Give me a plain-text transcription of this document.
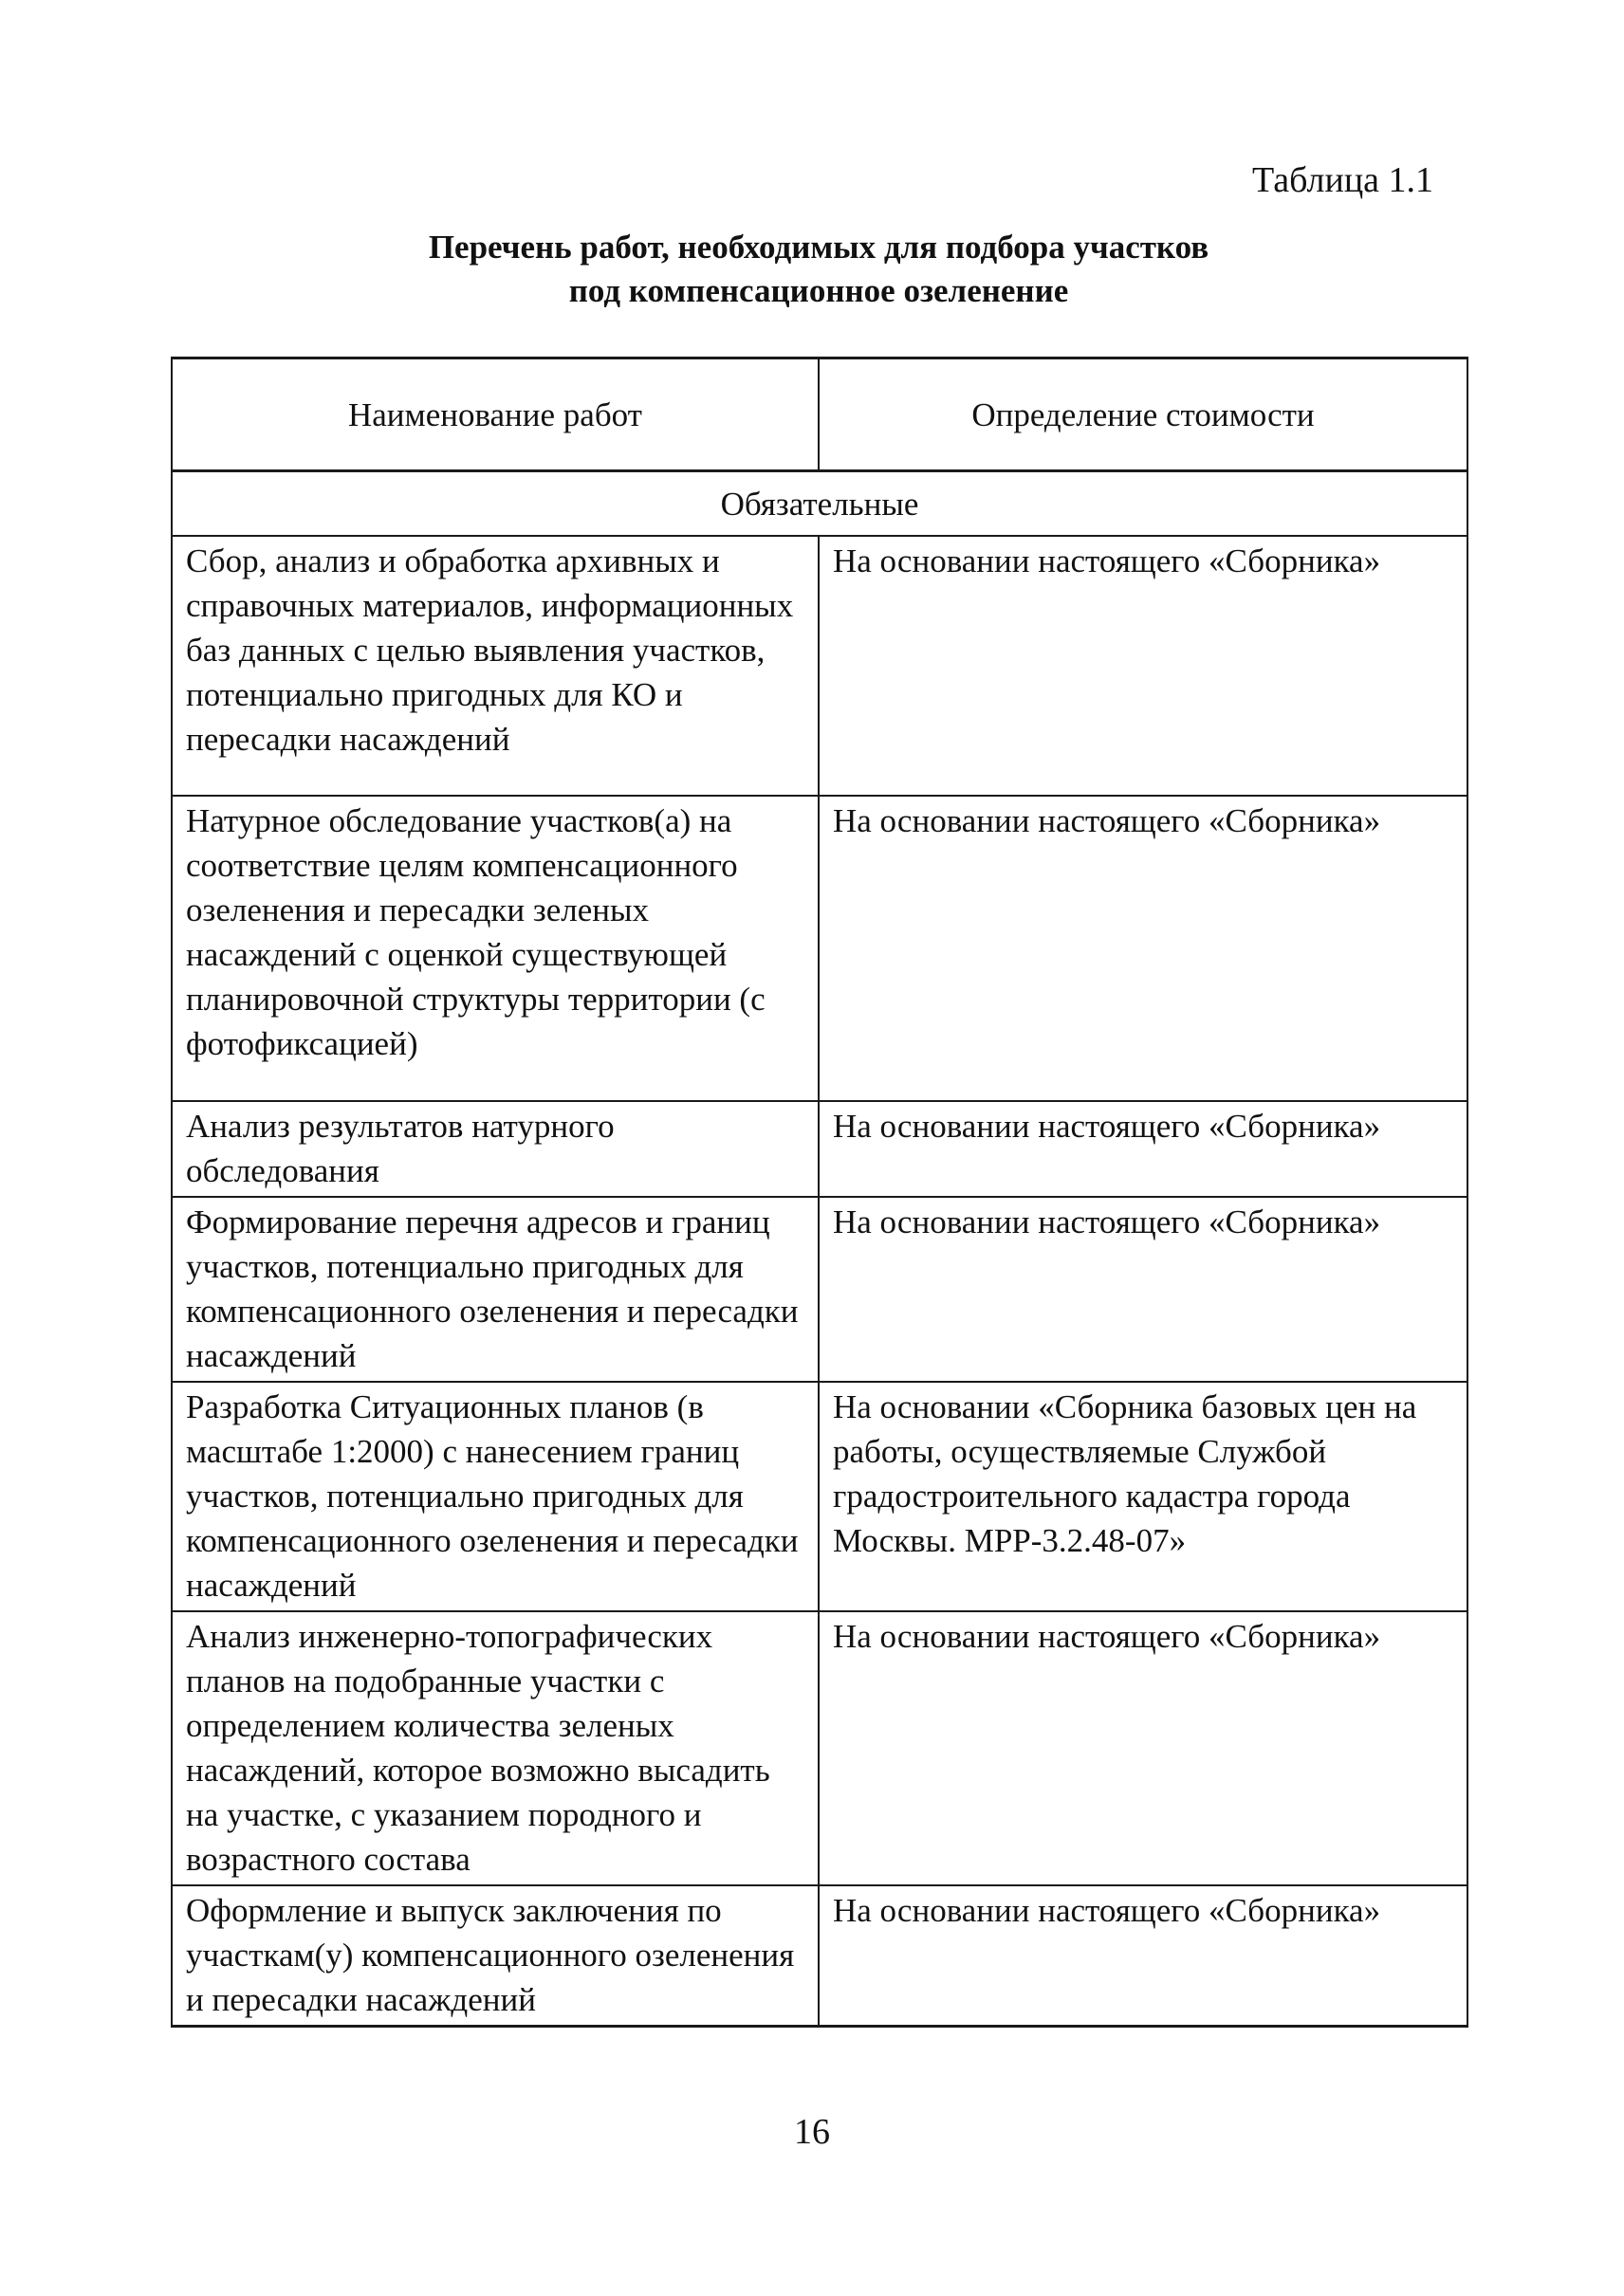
Таблица 1.1
Перечень работ, необходимых для подбора участков
под компенсационное озеленение
Наименование работ	Определение стоимости
Обязательные	
Сбор, анализ и обработка архивных и справочных материалов, информационных баз данных с целью выявления участков, потенциально пригодных для КО и пересадки насаждений	На основании настоящего «Сборника»
Натурное обследование участков(а) на соответствие целям компенсационного озеленения и пересадки зеленых насаждений с оценкой существующей планировочной структуры территории (с фотофиксацией)	На основании настоящего «Сборника»
Анализ результатов натурного обследования	На основании настоящего «Сборника»
Формирование перечня адресов и границ участков, потенциально пригодных для компенсационного озеленения и пересадки насаждений	На основании настоящего «Сборника»
Разработка Ситуационных планов (в масштабе 1:2000) с нанесением границ участков, потенциально пригодных для компенсационного озеленения и пересадки насаждений	На основании «Сборника базовых цен на работы, осуществляемые Службой градостроительного кадастра города Москвы. МРР-3.2.48-07»
Анализ инженерно-топографических планов на подобранные участки с определением количества зеленых насаждений, которое возможно высадить на участке, с указанием породного и возрастного состава	На основании настоящего «Сборника»
Оформление и выпуск заключения по участкам(у) компенсационного озеленения и пересадки насаждений	На основании настоящего «Сборника»
16
